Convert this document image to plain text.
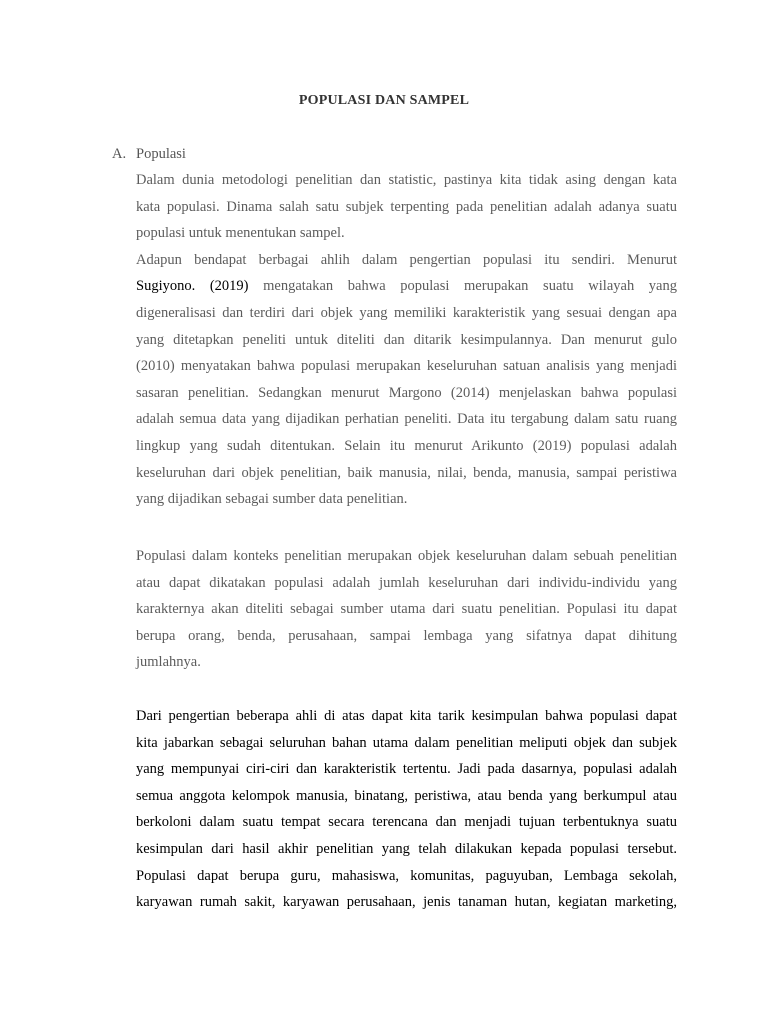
POPULASI DAN SAMPEL
A. Populasi
Dalam dunia metodologi penelitian dan statistic, pastinya kita tidak asing dengan kata
kata populasi. Dinama salah satu subjek terpenting pada penelitian adalah adanya suatu
populasi untuk menentukan sampel.
Adapun bendapat berbagai ahlih dalam pengertian populasi itu sendiri. Menurut
Sugiyono. (2019) mengatakan bahwa populasi merupakan suatu wilayah yang
digeneralisasi dan terdiri dari objek yang memiliki karakteristik yang sesuai dengan apa
yang ditetapkan peneliti untuk diteliti dan ditarik kesimpulannya. Dan menurut gulo
(2010) menyatakan bahwa populasi merupakan keseluruhan satuan analisis yang menjadi
sasaran penelitian. Sedangkan menurut Margono (2014) menjelaskan bahwa populasi
adalah semua data yang dijadikan perhatian peneliti. Data itu tergabung dalam satu ruang
lingkup yang sudah ditentukan. Selain itu menurut Arikunto (2019) populasi adalah
keseluruhan dari objek penelitian, baik manusia, nilai, benda, manusia, sampai peristiwa
yang dijadikan sebagai sumber data penelitian.
Populasi dalam konteks penelitian merupakan objek keseluruhan dalam sebuah penelitian
atau dapat dikatakan populasi adalah jumlah keseluruhan dari individu-individu yang
karakternya akan diteliti sebagai sumber utama dari suatu penelitian. Populasi itu dapat
berupa orang, benda, perusahaan, sampai lembaga yang sifatnya dapat dihitung
jumlahnya.
Dari pengertian beberapa ahli di atas dapat kita tarik kesimpulan bahwa populasi dapat
kita jabarkan sebagai seluruhan bahan utama dalam penelitian meliputi objek dan subjek
yang mempunyai ciri-ciri dan karakteristik tertentu. Jadi pada dasarnya, populasi adalah
semua anggota kelompok manusia, binatang, peristiwa, atau benda yang berkumpul atau
berkoloni dalam suatu tempat secara terencana dan menjadi tujuan terbentuknya suatu
kesimpulan dari hasil akhir penelitian yang telah dilakukan kepada populasi tersebut.
Populasi dapat berupa guru, mahasiswa, komunitas, paguyuban, Lembaga sekolah,
karyawan rumah sakit, karyawan perusahaan, jenis tanaman hutan, kegiatan marketing,
